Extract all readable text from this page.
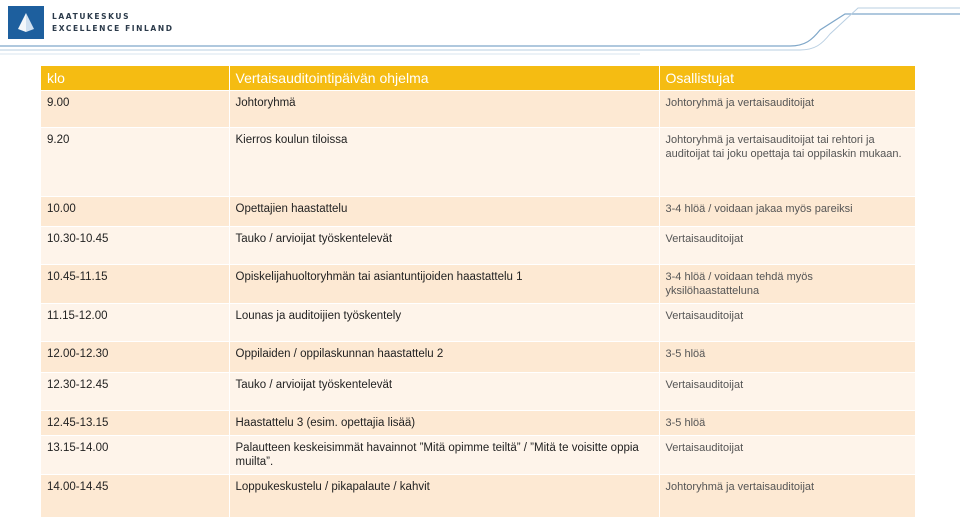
LAATUKESKUS
EXCELLENCE FINLAND
klo	Vertaisauditointipäivän ohjelma	Osallistujat
9.00	Johtoryhmä	Johtoryhmä ja vertaisauditoijat
9.20	Kierros koulun tiloissa	Johtoryhmä ja vertaisauditoijat tai rehtori ja auditoijat tai joku opettaja tai oppilaskin mukaan.
10.00	Opettajien haastattelu	3-4 hlöä / voidaan jakaa myös pareiksi
10.30-10.45	Tauko / arvioijat työskentelevät	Vertaisauditoijat
10.45-11.15	Opiskelijahuoltoryhmän tai asiantuntijoiden haastattelu 1	3-4 hlöä / voidaan tehdä myös yksilöhaastatteluna
11.15-12.00	Lounas ja auditoijien työskentely	Vertaisauditoijat
12.00-12.30	Oppilaiden / oppilaskunnan haastattelu 2	3-5 hlöä
12.30-12.45	Tauko / arvioijat työskentelevät	Vertaisauditoijat
12.45-13.15	Haastattelu 3 (esim. opettajia lisää)	3-5 hlöä
13.15-14.00	Palautteen keskeisimmät havainnot ”Mitä opimme teiltä” / ”Mitä te voisitte oppia muilta”.	Vertaisauditoijat
14.00-14.45	Loppukeskustelu / pikapalaute / kahvit	Johtoryhmä ja vertaisauditoijat
